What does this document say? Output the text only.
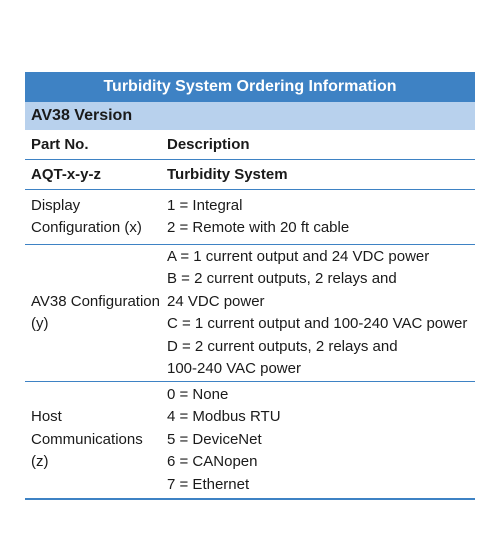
Turbidity System Ordering Information
AV38 Version
Part No.	Description
AQT-x-y-z	Turbidity System
Display
Configuration (x)
1 = Integral
2 = Remote with 20 ft cable
AV38 Configuration
(y)
A = 1 current output and 24 VDC power
B = 2 current outputs, 2 relays and
24 VDC power
C = 1 current output and 100-240 VAC power
D = 2 current outputs, 2 relays and
100-240 VAC power
Host
Communications
(z)
0 = None
4 = Modbus RTU
5 = DeviceNet
6 = CANopen
7 = Ethernet
